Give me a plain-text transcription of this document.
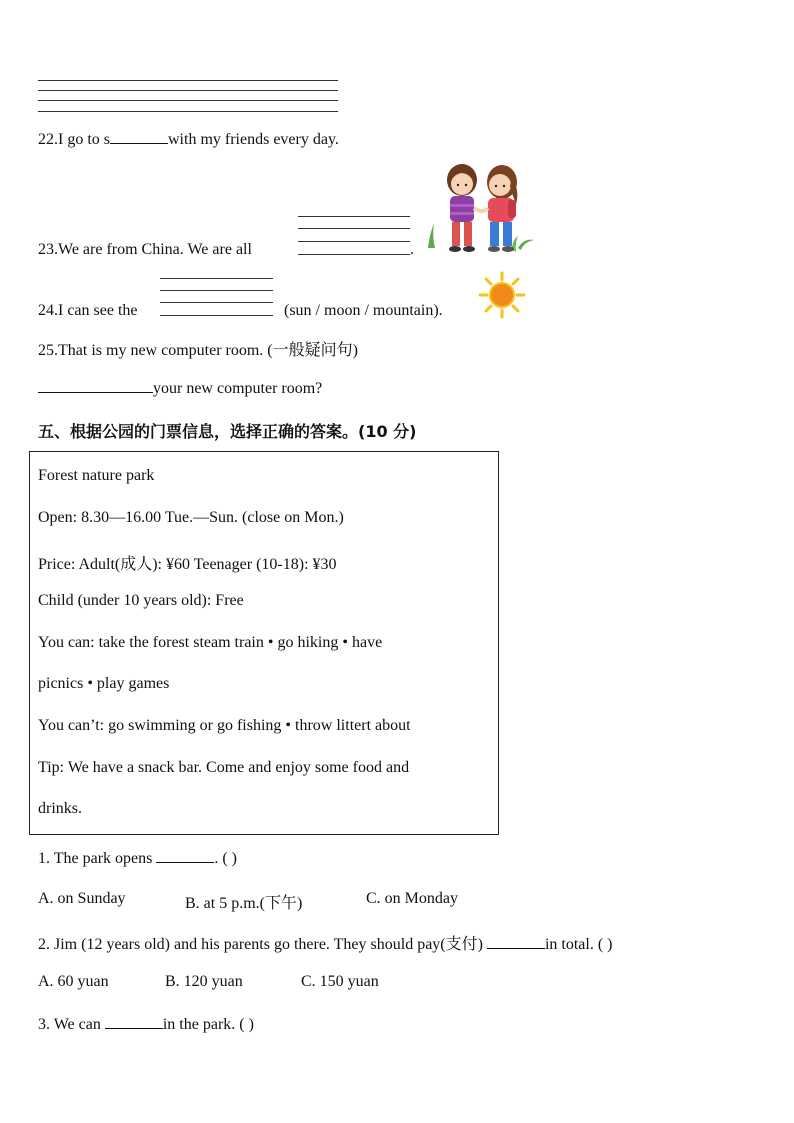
22.I go to s	with my friends every day.
23.We are from China. We are all	.
24.I can see the	(sun / moon / mountain).
25.That is my new computer room. (一般疑问句)
your new computer room?
五、根据公园的门票信息，选择正确的答案。(10 分)
Forest nature park
Open: 8.30—16.00 Tue.—Sun. (close on Mon.)
Price: Adult(成人): ¥60 Teenager (10-18): ¥30
Child (under 10 years old): Free
You can: take the forest steam train • go hiking • have
picnics • play games
You can’t: go swimming or go fishing • throw littert about
Tip: We have a snack bar. Come and enjoy some food and
drinks.
1. The park opens	. ( )
A. on Sunday	B. at 5 p.m.(下午)	C. on Monday
2. Jim (12 years old) and his parents go there. They should pay(支付)	in total. ( )
A. 60 yuan	B. 120 yuan	C. 150 yuan
3. We can	in the park. ( )
